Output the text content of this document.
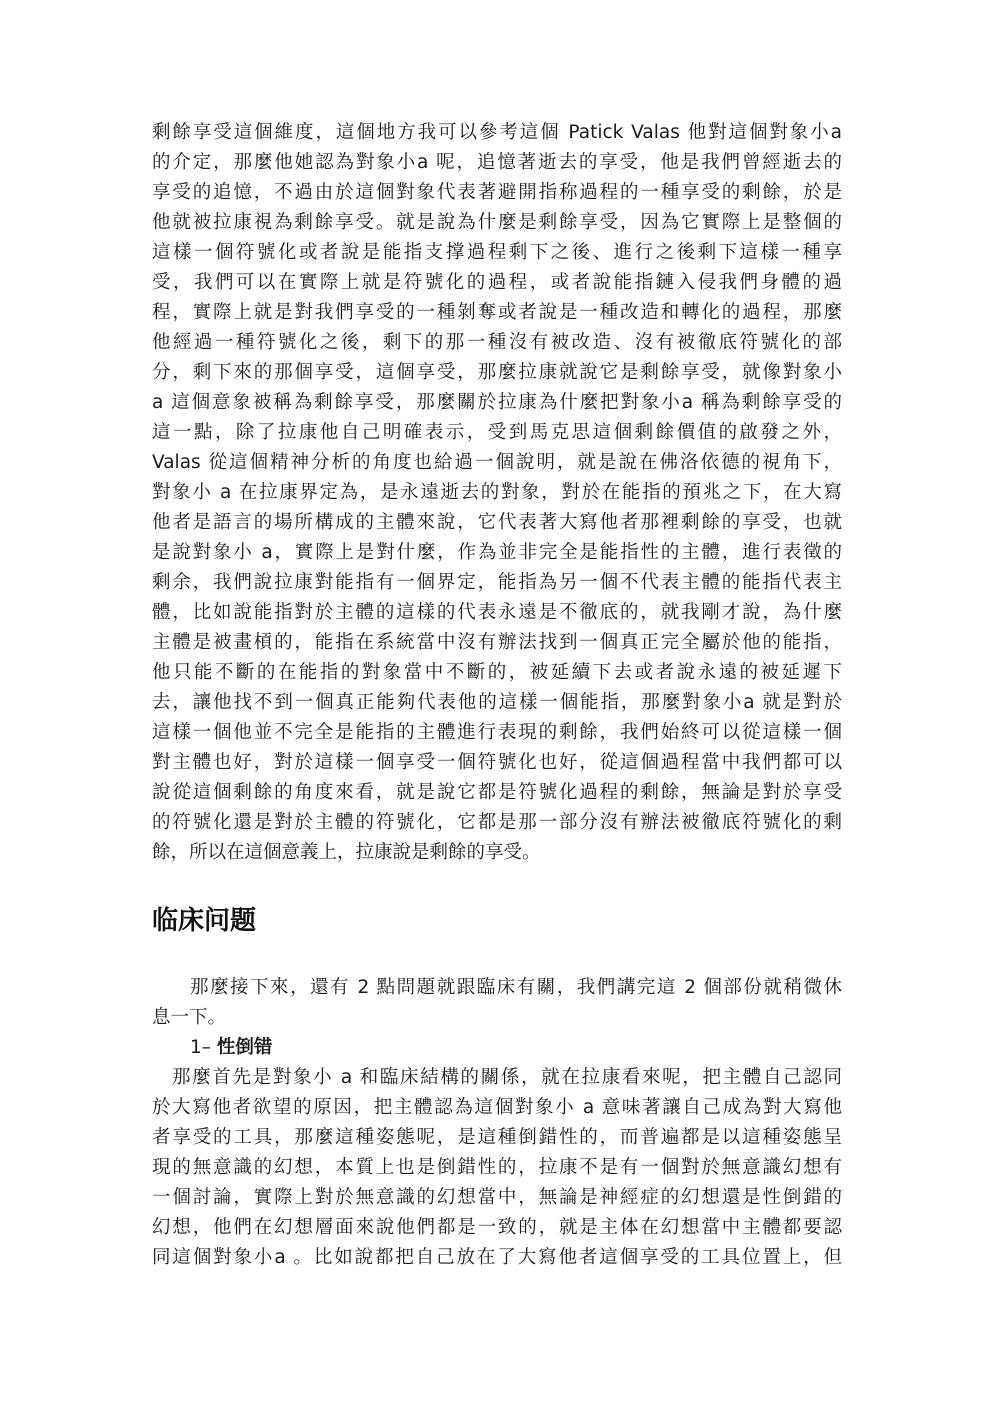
剩餘享受這個維度，這個地方我可以參考這個 Patick Valas 他對這個對象小a
的介定，那麼他她認為對象小a 呢，追憶著逝去的享受，他是我們曾經逝去的
享受的追憶，不過由於這個對象代表著避開指称過程的一種享受的剩餘，於是
他就被拉康視為剩餘享受。就是說為什麼是剩餘享受，因為它實際上是整個的
這樣一個符號化或者說是能指支撑過程剩下之後、進行之後剩下這樣一種享
受，我們可以在實際上就是符號化的過程，或者說能指鏈入侵我們身體的過
程，實際上就是對我們享受的一種剝奪或者說是一種改造和轉化的過程，那麼
他經過一種符號化之後，剩下的那一種沒有被改造、沒有被徹底符號化的部
分，剩下來的那個享受，這個享受，那麼拉康就說它是剩餘享受，就像對象小
a 這個意象被稱為剩餘享受，那麼關於拉康為什麼把對象小a 稱為剩餘享受的
這一點，除了拉康他自己明確表示，受到馬克思這個剩餘價值的啟發之外，
Valas 從這個精神分析的角度也給過一個說明，就是說在佛洛依德的視角下，
對象小 a 在拉康界定為，是永遠逝去的對象，對於在能指的預兆之下，在大寫
他者是語言的場所構成的主體來說，它代表著大寫他者那裡剩餘的享受，也就
是說對象小 a，實際上是對什麼，作為並非完全是能指性的主體，進行表徵的
剩余，我們說拉康對能指有一個界定，能指為另一個不代表主體的能指代表主
體，比如說能指對於主體的這樣的代表永遠是不徹底的，就我剛才說，為什麼
主體是被畫槓的，能指在系統當中沒有辦法找到一個真正完全屬於他的能指，
他只能不斷的在能指的對象當中不斷的，被延續下去或者說永遠的被延遲下
去，讓他找不到一個真正能夠代表他的這樣一個能指，那麼對象小a 就是對於
這樣一個他並不完全是能指的主體進行表現的剩餘，我們始終可以從這樣一個
對主體也好，對於這樣一個享受一個符號化也好，從這個過程當中我們都可以
說從這個剩餘的角度來看，就是說它都是符號化過程的剩餘，無論是對於享受
的符號化還是對於主體的符號化，它都是那一部分沒有辦法被徹底符號化的剩
餘，所以在這個意義上，拉康說是剩餘的享受。
临床问题
那麼接下來，還有 2 點問題就跟臨床有關，我們講完這 2 個部份就稍微休
息一下。
1– 性倒错
那麼首先是對象小 a 和臨床結構的關係，就在拉康看來呢，把主體自己認同
於大寫他者欲望的原因，把主體認為這個對象小 a 意味著讓自己成為對大寫他
者享受的工具，那麼這種姿態呢，是這種倒錯性的，而普遍都是以這種姿態呈
現的無意識的幻想，本質上也是倒錯性的，拉康不是有一個對於無意識幻想有
一個討論，實際上對於無意識的幻想當中，無論是神經症的幻想還是性倒錯的
幻想，他們在幻想層面來說他們都是一致的，就是主体在幻想當中主體都要認
同這個對象小a 。比如說都把自己放在了大寫他者這個享受的工具位置上，但
